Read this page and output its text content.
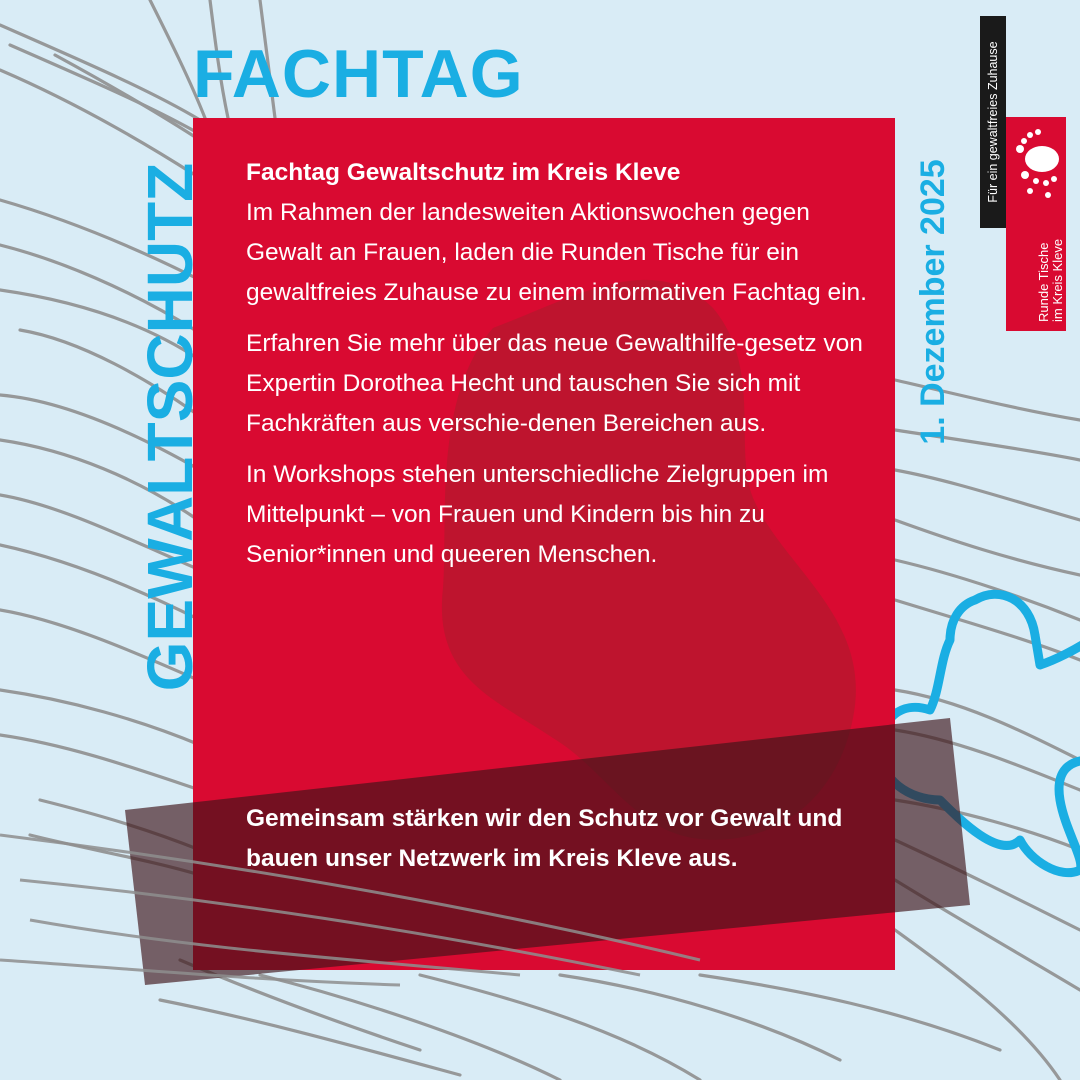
FACHTAG
GEWALTSCHUTZ	1. Dezember 2025

Fachtag Gewaltschutz im Kreis Kleve
Im Rahmen der landesweiten Aktionswochen gegen Gewalt an Frauen, laden die Runden Tische für ein gewaltfreies Zuhause zu einem informativen Fachtag ein.

Erfahren Sie mehr über das neue Gewalthilfe-gesetz von Expertin Dorothea Hecht und tauschen Sie sich mit Fachkräften aus verschie-denen Bereichen aus.

In Workshops stehen unterschiedliche Zielgruppen im Mittelpunkt – von Frauen und Kindern bis hin zu Senior*innen und queeren Menschen.

Gemeinsam stärken wir den Schutz vor Gewalt und bauen unser Netzwerk im Kreis Kleve aus.

Für ein gewaltfreies Zuhause
Runde Tische im Kreis Kleve
